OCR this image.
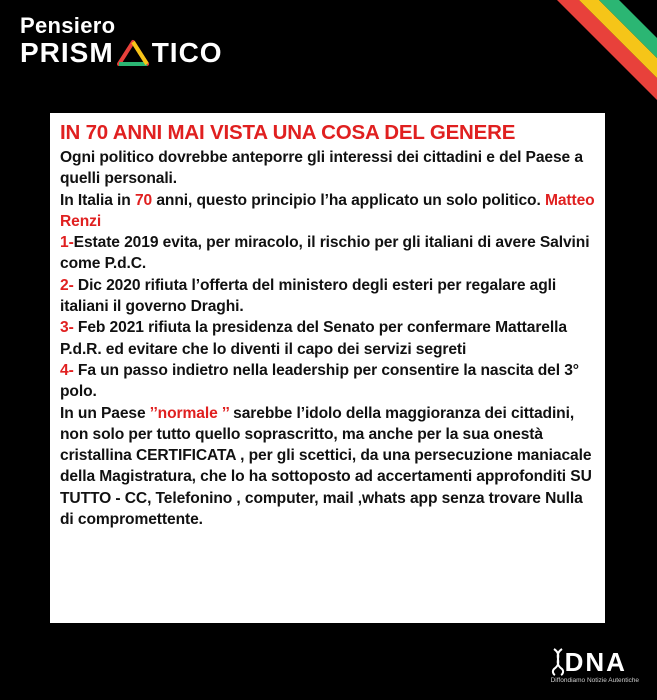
Pensiero
PRISM TICO
IN 70 ANNI MAI VISTA UNA COSA DEL GENERE

Ogni politico dovrebbe anteporre gli interessi dei cittadini e del Paese a quelli personali.

In Italia in 70 anni, questo principio l’ha applicato un solo politico. Matteo Renzi

1-Estate 2019 evita, per miracolo, il rischio per gli italiani di avere Salvini come P.d.C.

2- Dic 2020 rifiuta l’offerta del ministero degli esteri per regalare agli italiani il governo Draghi.

3- Feb 2021 rifiuta la presidenza del Senato per confermare Mattarella P.d.R. ed evitare che lo diventi il capo dei servizi segreti

4- Fa un passo indietro nella leadership per consentire la nascita del 3° polo.

In un Paese ’’normale ’’ sarebbe l’idolo della maggioranza dei cittadini, non solo per tutto quello soprascritto, ma anche per la sua onestà cristallina CERTIFICATA , per gli scettici, da una persecuzione maniacale della Magistratura, che lo ha sottoposto ad accertamenti approfonditi SU TUTTO - CC, Telefonino , computer, mail ,whats app senza trovare Nulla di compromettente.

DNA
Diffondiamo Notizie Autentiche
